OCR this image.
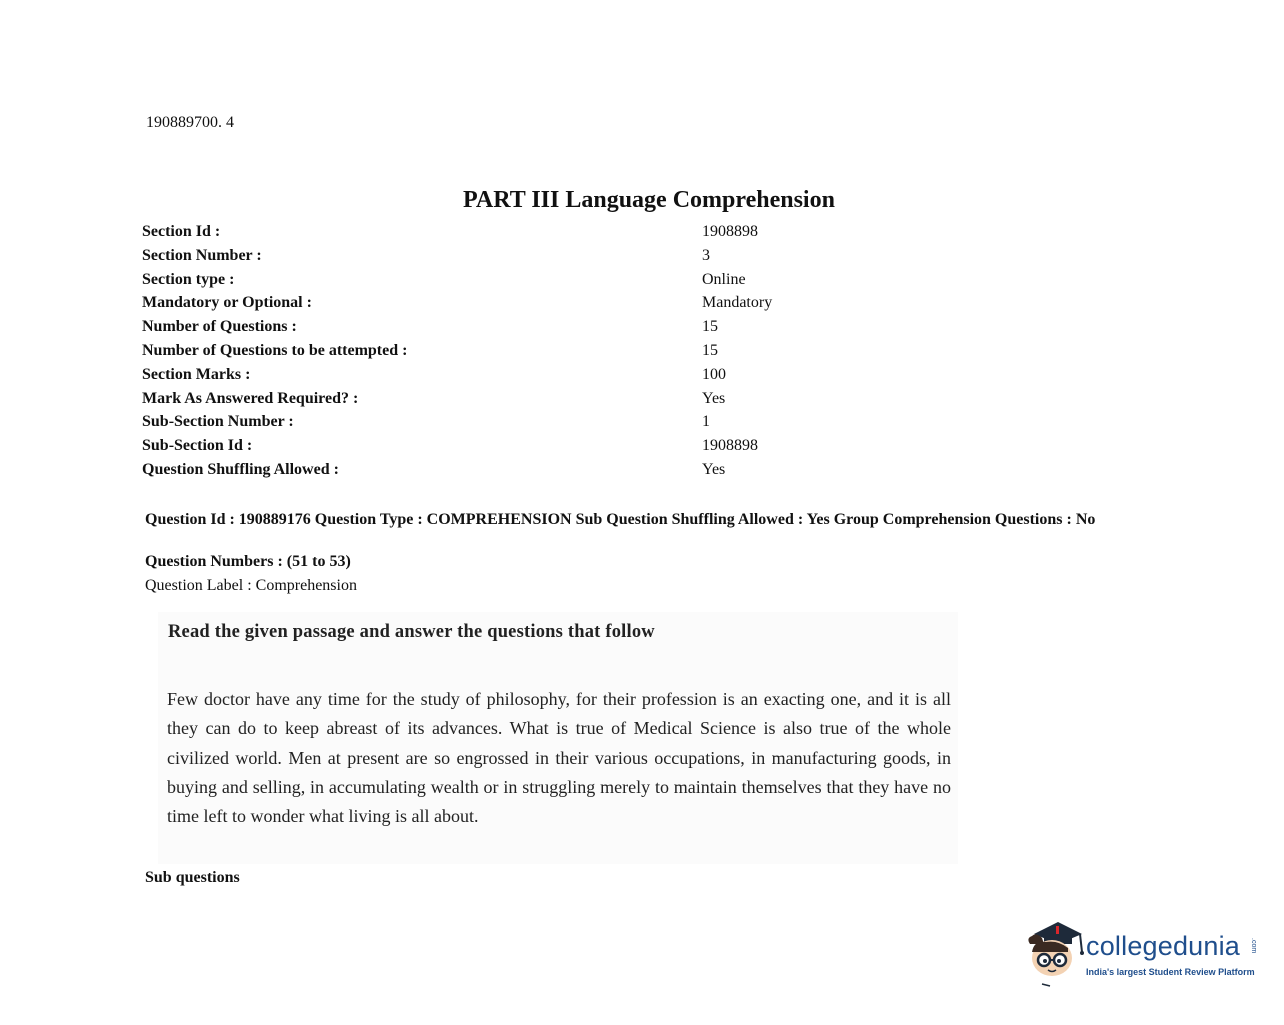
190889700. 4
PART III Language Comprehension
Section Id :	1908898
Section Number :	3
Section type :	Online
Mandatory or Optional :	Mandatory
Number of Questions :	15
Number of Questions to be attempted :	15
Section Marks :	100
Mark As Answered Required? :	Yes
Sub-Section Number :	1
Sub-Section Id :	1908898
Question Shuffling Allowed :	Yes
Question Id : 190889176 Question Type : COMPREHENSION Sub Question Shuffling Allowed : Yes Group Comprehension Questions : No
Question Numbers : (51 to 53)
Question Label : Comprehension
Read the given passage and answer the questions that follow
Few doctor have any time for the study of philosophy, for their profession is an exacting one, and it is all they can do to keep abreast of its advances. What is true of Medical Science is also true of the whole civilized world. Men at present are so engrossed in their various occupations, in manufacturing goods, in buying and selling, in accumulating wealth or in struggling merely to maintain themselves that they have no time left to wonder what living is all about.
Sub questions
collegedunia .com
India's largest Student Review Platform
